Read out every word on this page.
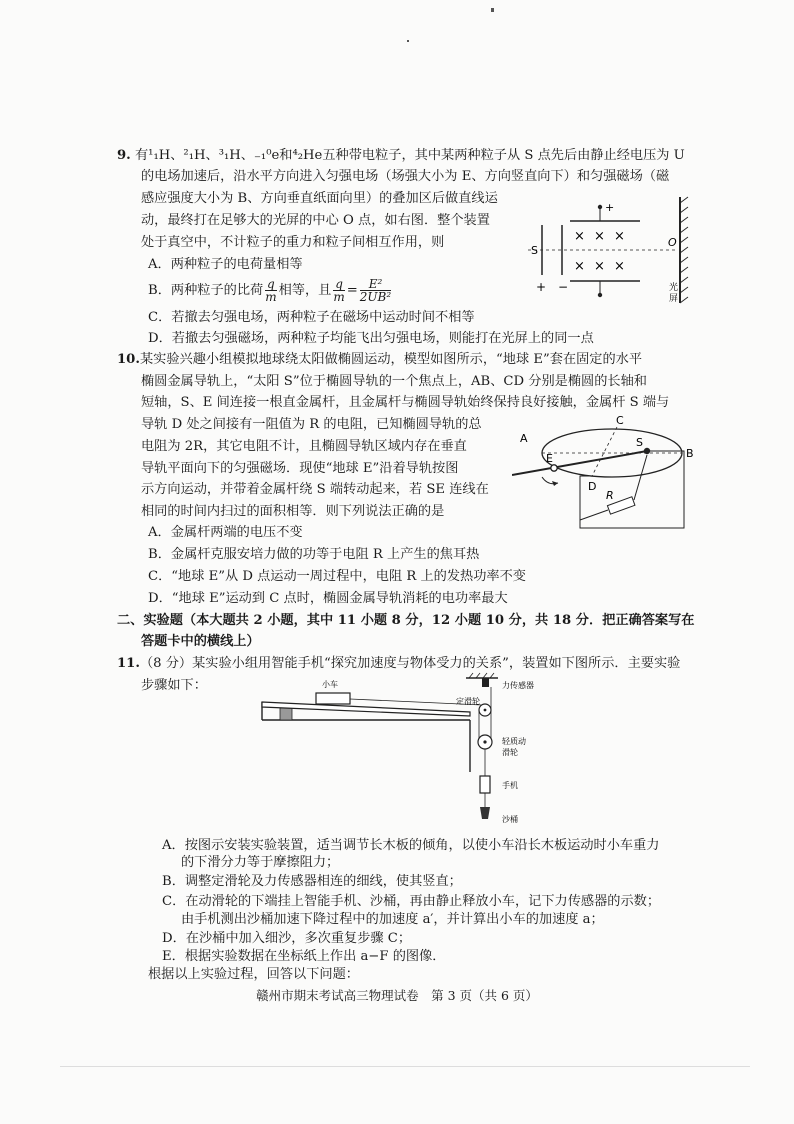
9. 有¹₁H、²₁H、³₁H、₋₁⁰e和⁴₂He五种带电粒子，其中某两种粒子从 S 点先后由静止经电压为 U
的电场加速后，沿水平方向进入匀强电场（场强大小为 E、方向竖直向下）和匀强磁场（磁
感应强度大小为 B、方向垂直纸面向里）的叠加区后做直线运
动，最终打在足够大的光屏的中心 O 点，如右图．整个装置
处于真空中，不计粒子的重力和粒子间相互作用，则
A．两种粒子的电荷量相等
B．两种粒子的比荷 $\frac{q}{m}$ 相等，且 $\frac{q}{m} = \frac{\text{E²}}{\text{2UB²}}$
C．若撤去匀强电场，两种粒子在磁场中运动时间不相等
D．若撤去匀强磁场，两种粒子均能飞出匀强电场，则能打在光屏上的同一点
S
+ −
+
× × ×
× × ×
O
光
屏
10.某实验兴趣小组模拟地球绕太阳做椭圆运动，模型如图所示，“地球 E”套在固定的水平
椭圆金属导轨上，“太阳 S”位于椭圆导轨的一个焦点上，AB、CD 分别是椭圆的长轴和
短轴，S、E 间连接一根直金属杆，且金属杆与椭圆导轨始终保持良好接触，金属杆 S 端与
导轨 D 处之间接有一阻值为 R 的电阻，已知椭圆导轨的总
电阻为 2R，其它电阻不计，且椭圆导轨区域内存在垂直
导轨平面向下的匀强磁场．现使“地球 E”沿着导轨按图
示方向运动，并带着金属杆绕 S 端转动起来，若 SE 连线在
相同的时间内扫过的面积相等．则下列说法正确的是
A．金属杆两端的电压不变
B．金属杆克服安培力做的功等于电阻 R 上产生的焦耳热
C．“地球 E”从 D 点运动一周过程中，电阻 R 上的发热功率不变
D．“地球 E”运动到 C 点时，椭圆金属导轨消耗的电功率最大
A
B
C
D
E
S
R
二、实验题（本大题共 2 小题，其中 11 小题 8 分，12 小题 10 分，共 18 分．把正确答案写在
答题卡中的横线上）
11.（8 分）某实验小组用智能手机“探究加速度与物体受力的关系”，装置如下图所示．主要实验
步骤如下：	力传感器
小车
定滑轮
轻质动
滑轮
手机
沙桶
A．按图示安装实验装置，适当调节长木板的倾角，以使小车沿长木板运动时小车重力
的下滑分力等于摩擦阻力；
B．调整定滑轮及力传感器相连的细线，使其竖直；
C．在动滑轮的下端挂上智能手机、沙桶，再由静止释放小车，记下力传感器的示数；
由手机测出沙桶加速下降过程中的加速度 a′，并计算出小车的加速度 a；
D．在沙桶中加入细沙，多次重复步骤 C；
E．根据实验数据在坐标纸上作出 a−F 的图像．
根据以上实验过程，回答以下问题：
赣州市期末考试高三物理试卷　第 3 页（共 6 页）
